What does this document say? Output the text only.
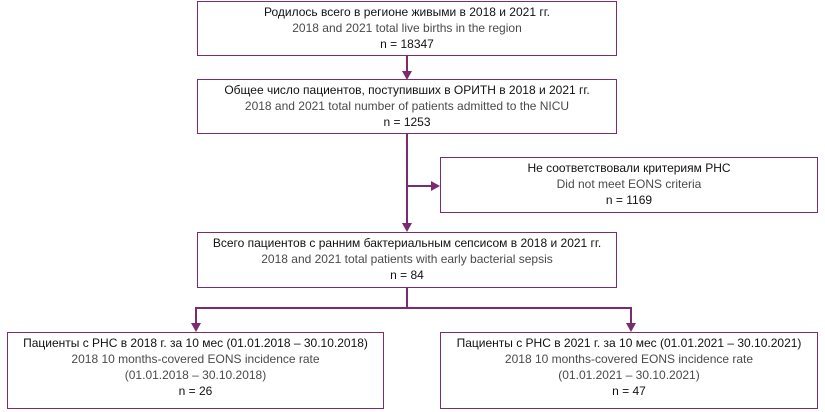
Родилось всего в регионе живыми в 2018 и 2021 гг.
2018 and 2021 total live births in the region
n = 18347
Общее число пациентов, поступивших в ОРИТН в 2018 и 2021 гг.
2018 and 2021 total number of patients admitted to the NICU
n = 1253
Не соответствовали критериям РНС
Did not meet EONS criteria
n = 1169
Всего пациентов с ранним бактериальным сепсисом в 2018 и 2021 гг.
2018 and 2021 total patients with early bacterial sepsis
n = 84
Пациенты с РНС в 2018 г. за 10 мес (01.01.2018 – 30.10.2018)
2018 10 months-covered EONS incidence rate
(01.01.2018 – 30.10.2018)
n = 26
Пациенты с РНС в 2021 г. за 10 мес (01.01.2021 – 30.10.2021)
2018 10 months-covered EONS incidence rate
(01.01.2021 – 30.10.2021)
n = 47
